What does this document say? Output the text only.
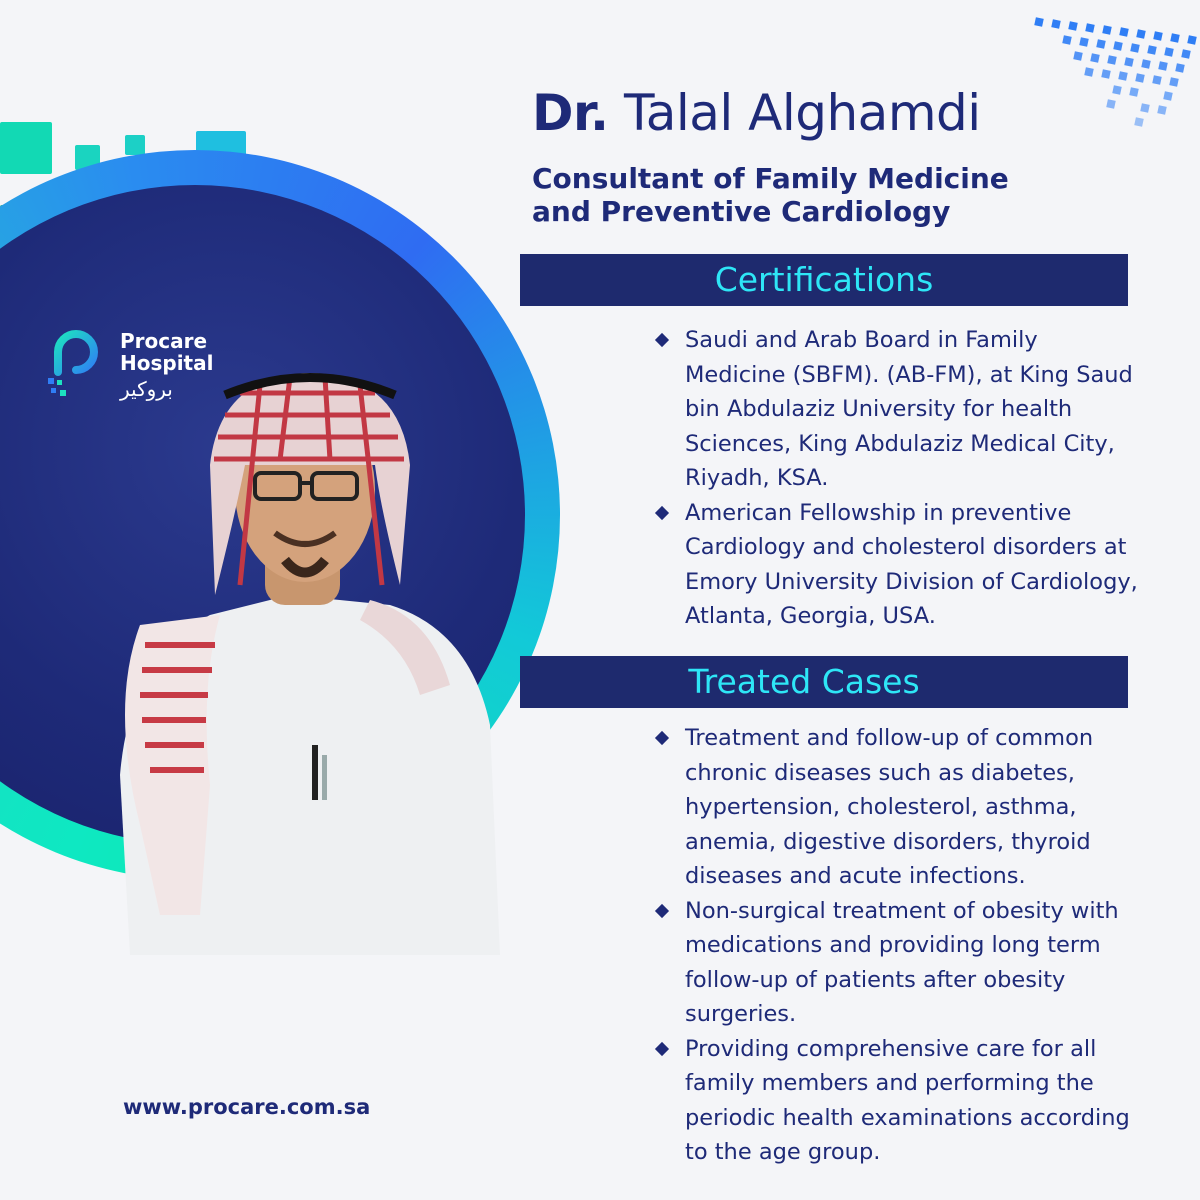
Procare
Hospital
بروكير
Dr. Talal Alghamdi
Consultant of Family Medicine
and Preventive Cardiology
Certifications
Saudi and Arab Board in Family Medicine (SBFM). (AB-FM), at King Saud bin Abdulaziz University for health Sciences, King Abdulaziz Medical City, Riyadh, KSA.
American Fellowship in preventive Cardiology and cholesterol disorders at Emory University Division of Cardiology, Atlanta, Georgia, USA.
Treated Cases
Treatment and follow-up of common chronic diseases such as diabetes, hypertension, cholesterol, asthma, anemia, digestive disorders, thyroid diseases and acute infections.
Non-surgical treatment of obesity with medications and providing long term follow-up of patients after obesity surgeries.
Providing comprehensive care for all family members and performing the periodic health examinations according to the age group.
www.procare.com.sa
